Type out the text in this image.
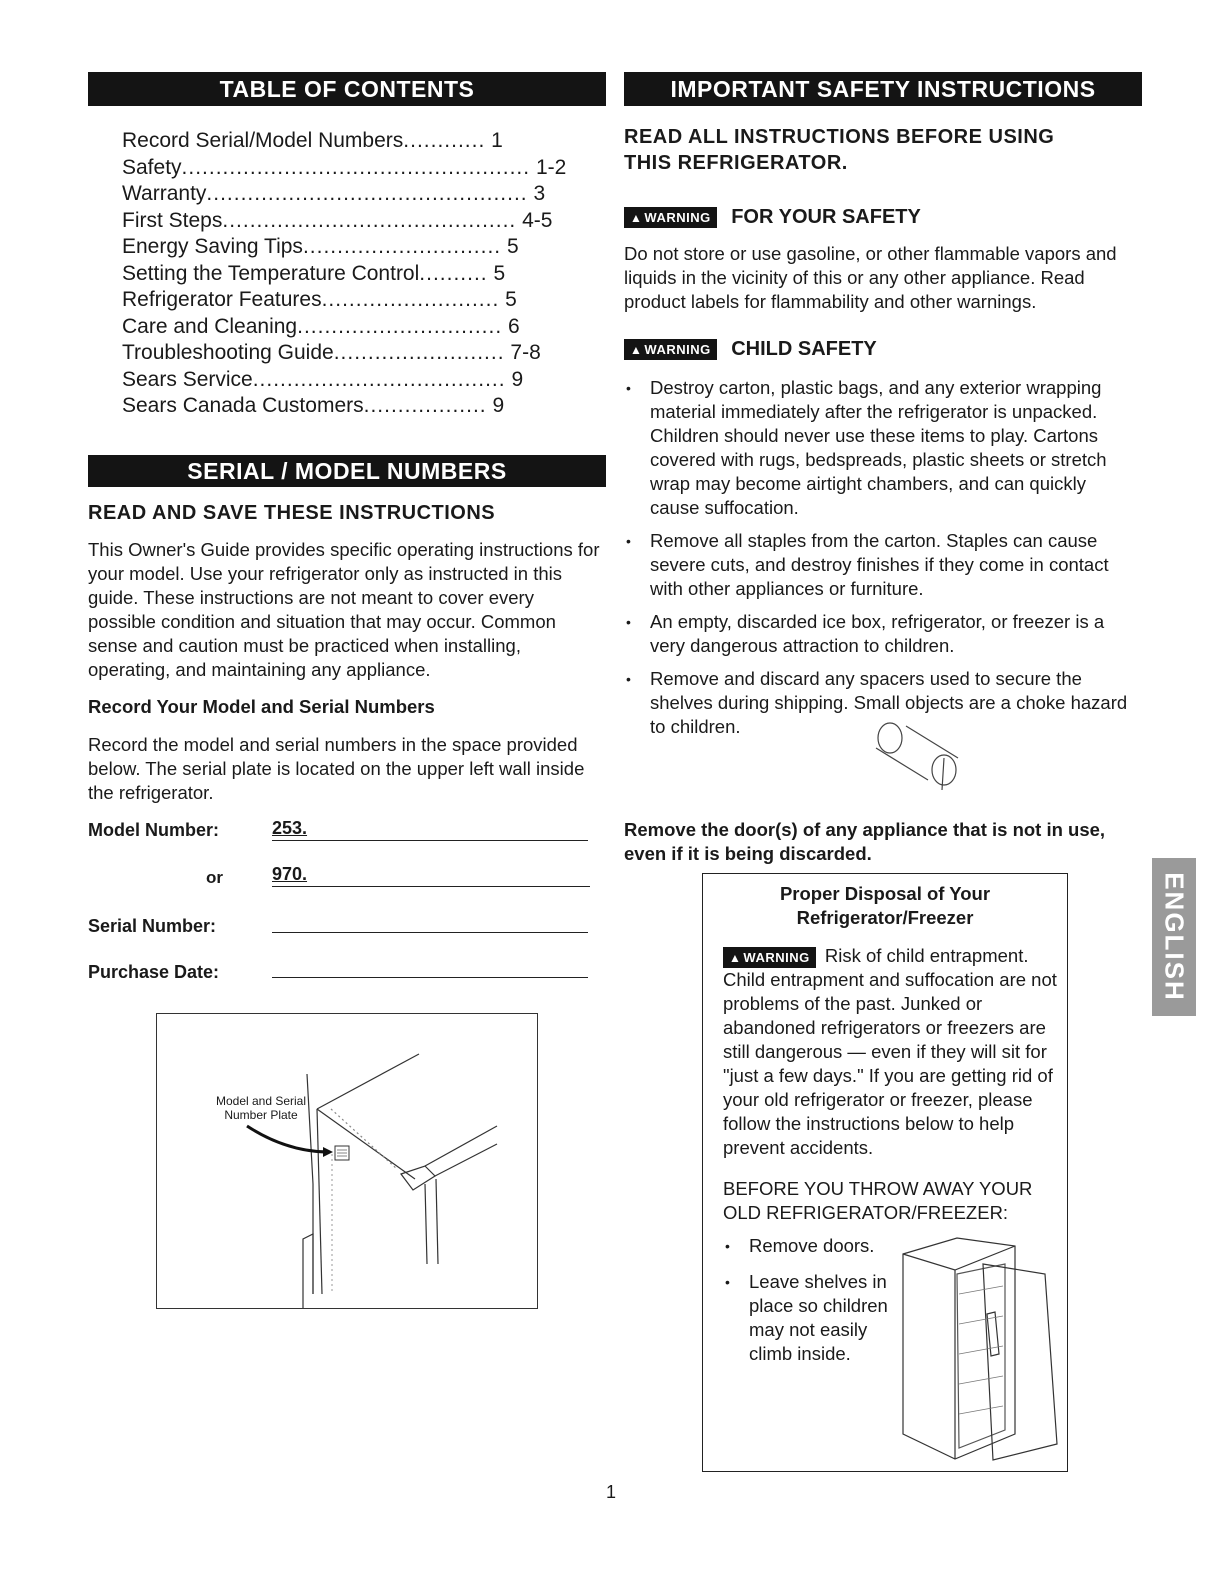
TABLE OF CONTENTS
Record Serial/Model Numbers............ 1
Safety................................................... 1-2
Warranty............................................... 3
First Steps........................................... 4-5
Energy Saving Tips............................. 5
Setting the Temperature Control.......... 5
Refrigerator Features.......................... 5
Care and Cleaning.............................. 6
Troubleshooting Guide......................... 7-8
Sears Service..................................... 9
Sears Canada Customers.................. 9
SERIAL / MODEL NUMBERS
READ AND SAVE THESE INSTRUCTIONS
This Owner's Guide provides specific operating instructions for your model. Use your refrigerator only as instructed in this guide. These instructions are not meant to cover every possible condition and situation that may occur. Common sense and caution must be practiced when installing, operating, and maintaining any appliance.
Record Your Model and Serial Numbers
Record the model and serial numbers in the space provided below. The serial plate is located on the upper left wall inside the refrigerator.
Model Number:	253.
or	970.
Serial Number:
Purchase Date:
Model and Serial
Number Plate
IMPORTANT SAFETY INSTRUCTIONS
READ ALL INSTRUCTIONS BEFORE USING
THIS REFRIGERATOR.
▲ WARNING FOR YOUR SAFETY
Do not store or use gasoline, or other flammable vapors and liquids in the vicinity of this or any other appliance. Read product labels for flammability and other warnings.
▲ WARNING CHILD SAFETY
• Destroy carton, plastic bags, and any exterior wrapping material immediately after the refrigerator is unpacked. Children should never use these items to play. Cartons covered with rugs, bedspreads, plastic sheets or stretch wrap may become airtight chambers, and can quickly cause suffocation.
• Remove all staples from the carton. Staples can cause severe cuts, and destroy finishes if they come in contact with other appliances or furniture.
• An empty, discarded ice box, refrigerator, or freezer is a very dangerous attraction to children.
• Remove and discard any spacers used to secure the shelves during shipping. Small objects are a choke hazard to children.
Remove the door(s) of any appliance that is not in use, even if it is being discarded.
Proper Disposal of Your
Refrigerator/Freezer
▲ WARNING Risk of child entrapment. Child entrapment and suffocation are not problems of the past. Junked or abandoned refrigerators or freezers are still dangerous — even if they will sit for "just a few days." If you are getting rid of your old refrigerator or freezer, please follow the instructions below to help prevent accidents.
BEFORE YOU THROW AWAY YOUR OLD REFRIGERATOR/FREEZER:
• Remove doors.
• Leave shelves in place so children may not easily climb inside.
ENGLISH
1
